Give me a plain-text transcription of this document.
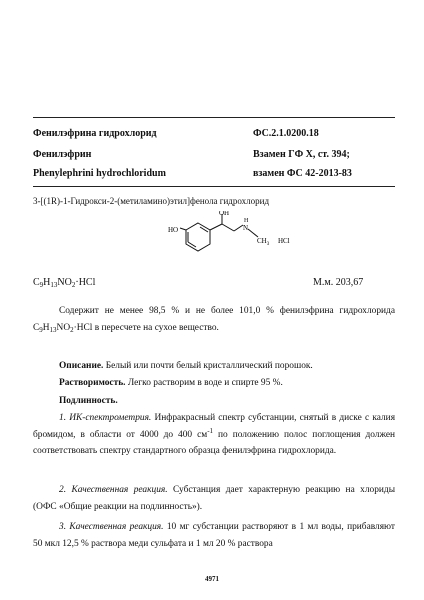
Фенилэфрина гидрохлорид	ФС.2.1.0200.18
Фенилэфрин	Взамен ГФ X, ст. 394;
Phenylephrini hydrochloridum	взамен ФС 42-2013-83
3-[(1R)-1-Гидрокси-2-(метиламино)этил]фенола гидрохлорид
HO
OH
H
N
$CH_3$ HCl
$C_9H_{13}NO_2\cdot HCl$	М.м. 203,67
Содержит не менее 98,5 % и не более 101,0 % фенилэфрина гидрохлорида $C_9H_{13}NO_2\cdot HCl$ в пересчете на сухое вещество.
Описание. Белый или почти белый кристаллический порошок.
Растворимость. Легко растворим в воде и спирте 95 %.
Подлинность.
1. ИК-спектрометрия. Инфракрасный спектр субстанции, снятый в диске с калия бромидом, в области от 4000 до 400 $см^{-1}$ по положению полос поглощения должен соответствовать спектру стандартного образца фенилэфрина гидрохлорида.
2. Качественная реакция. Субстанция дает характерную реакцию на хлориды (ОФС «Общие реакции на подлинность»).
3. Качественная реакция. 10 мг субстанции растворяют в 1 мл воды, прибавляют 50 мкл 12,5 % раствора меди сульфата и 1 мл 20 % раствора
4971
